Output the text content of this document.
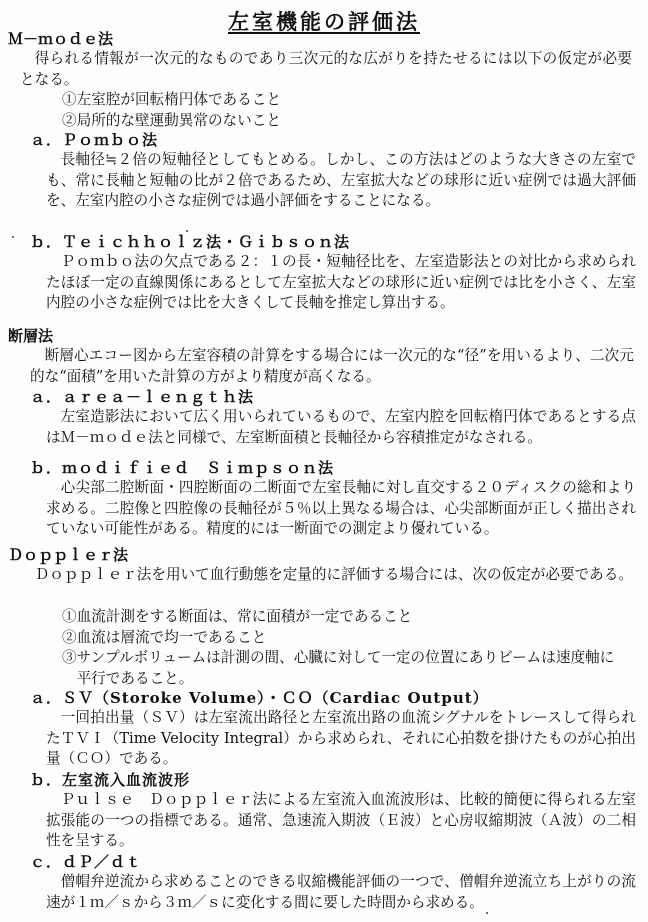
左室機能の評価法
Ｍ－ｍｏｄｅ法

得られる情報が一次元的なものであり三次元的な広がりを持たせるには以下の仮定が必要となる。

①左室腔が回転楕円体であること
②局所的な壁運動異常のないこと
ａ．Ｐｏｍｂｏ法

長軸径≒２倍の短軸径としてもとめる。しかし、この方法はどのような大きさの左室でも、常に長軸と短軸の比が２倍であるため、左室拡大などの球形に近い症例では過大評価を、左室内腔の小さな症例では過小評価をすることになる。

ｂ．Ｔｅｉｃｈｈｏｌｚ法・Ｇｉｂｓｏｎ法

Ｐｏｍｂｏ法の欠点である２：１の長・短軸径比を、左室造影法との対比から求められたほぼ一定の直線関係にあるとして左室拡大などの球形に近い症例では比を小さく、左室内腔の小さな症例では比を大きくして長軸を推定し算出する。

断層法

断層心エコー図から左室容積の計算をする場合には一次元的な“径”を用いるより、二次元的な“面積”を用いた計算の方がより精度が高くなる。

ａ．ａｒｅａ－ｌｅｎｇｔｈ法

左室造影法において広く用いられているもので、左室内腔を回転楕円体であるとする点はＭ－ｍｏｄｅ法と同様で、左室断面積と長軸径から容積推定がなされる。

ｂ．ｍｏｄｉｆｉｅｄ　Ｓｉｍｐｓｏｎ法

心尖部二腔断面・四腔断面の二断面で左室長軸に対し直交する２０ディスクの総和より求める。二腔像と四腔像の長軸径が５％以上異なる場合は、心尖部断面が正しく描出されていない可能性がある。精度的には一断面での測定より優れている。

Ｄｏｐｐｌｅｒ法

Ｄｏｐｐｌｅｒ法を用いて血行動態を定量的に評価する場合には、次の仮定が必要である。

①血流計測をする断面は、常に面積が一定であること
②血流は層流で均一であること
③サンプルボリュームは計測の間、心臓に対して一定の位置にありビームは速度軸に平行であること。
ａ．ＳＶ（Storoke Volume）・ＣＯ（Cardiac Output）

一回拍出量（ＳＶ）は左室流出路径と左室流出路の血流シグナルをトレースして得られたＴＶＩ（Time Velocity Integral）から求められ、それに心拍数を掛けたものが心拍出量（ＣＯ）である。

ｂ．左室流入血流波形

Ｐｕｌｓｅ　Ｄｏｐｐｌｅｒ法による左室流入血流波形は、比較的簡便に得られる左室拡張能の一つの指標である。通常、急速流入期波（Ｅ波）と心房収縮期波（Ａ波）の二相性を呈する。

ｃ．ｄＰ／ｄｔ

僧帽弁逆流から求めることのできる収縮機能評価の一つで、僧帽弁逆流立ち上がりの流速が１ｍ／ｓから３ｍ／ｓに変化する間に要した時間から求める。
